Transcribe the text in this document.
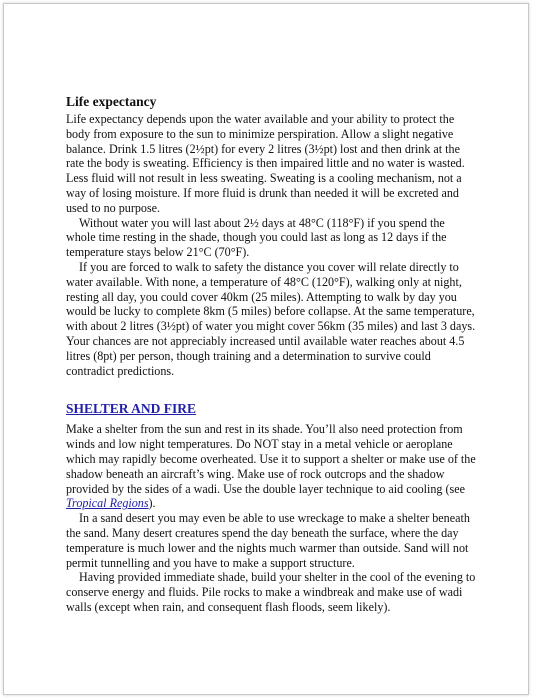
Life expectancy

Life expectancy depends upon the water available and your ability to protect the body from exposure to the sun to minimize perspiration. Allow a slight negative balance. Drink 1.5 litres (2½pt) for every 2 litres (3½pt) lost and then drink at the rate the body is sweating. Efficiency is then impaired little and no water is wasted. Less fluid will not result in less sweating. Sweating is a cooling mechanism, not a way of losing moisture. If more fluid is drunk than needed it will be excreted and used to no purpose.

Without water you will last about 2½ days at 48°C (118°F) if you spend the whole time resting in the shade, though you could last as long as 12 days if the temperature stays below 21°C (70°F).

If you are forced to walk to safety the distance you cover will relate directly to water available. With none, a temperature of 48°C (120°F), walking only at night, resting all day, you could cover 40km (25 miles). Attempting to walk by day you would be lucky to complete 8km (5 miles) before collapse. At the same temperature, with about 2 litres (3½pt) of water you might cover 56km (35 miles) and last 3 days. Your chances are not appreciably increased until available water reaches about 4.5 litres (8pt) per person, though training and a determination to survive could contradict predictions.

SHELTER AND FIRE

Make a shelter from the sun and rest in its shade. You’ll also need protection from winds and low night temperatures. Do NOT stay in a metal vehicle or aeroplane which may rapidly become overheated. Use it to support a shelter or make use of the shadow beneath an aircraft’s wing. Make use of rock outcrops and the shadow provided by the sides of a wadi. Use the double layer technique to aid cooling (see Tropical Regions).

In a sand desert you may even be able to use wreckage to make a shelter beneath the sand. Many desert creatures spend the day beneath the surface, where the day temperature is much lower and the nights much warmer than outside. Sand will not permit tunnelling and you have to make a support structure.

Having provided immediate shade, build your shelter in the cool of the evening to conserve energy and fluids. Pile rocks to make a windbreak and make use of wadi walls (except when rain, and consequent flash floods, seem likely).
